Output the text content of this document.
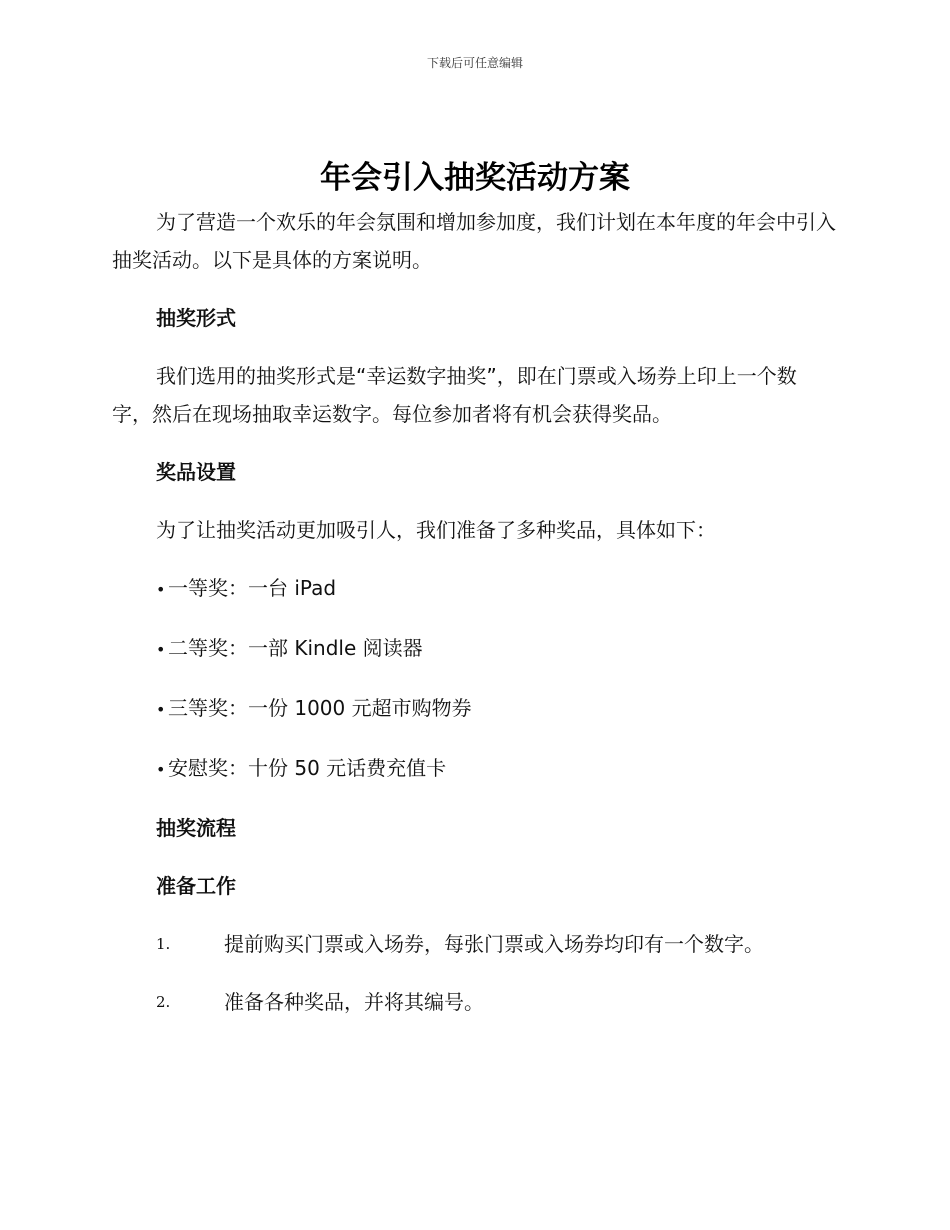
下载后可任意编辑
年会引入抽奖活动方案

为了营造一个欢乐的年会氛围和增加参加度，我们计划在本年度的年会中引入抽奖活动。以下是具体的方案说明。

抽奖形式

我们选用的抽奖形式是“幸运数字抽奖”，即在门票或入场券上印上一个数字，然后在现场抽取幸运数字。每位参加者将有机会获得奖品。

奖品设置

为了让抽奖活动更加吸引人，我们准备了多种奖品，具体如下：

• 一等奖：一台 iPad

• 二等奖：一部 Kindle 阅读器

• 三等奖：一份 1000 元超市购物券

• 安慰奖：十份 50 元话费充值卡

抽奖流程

准备工作

1.	提前购买门票或入场券，每张门票或入场券均印有一个数字。

2.	准备各种奖品，并将其编号。
